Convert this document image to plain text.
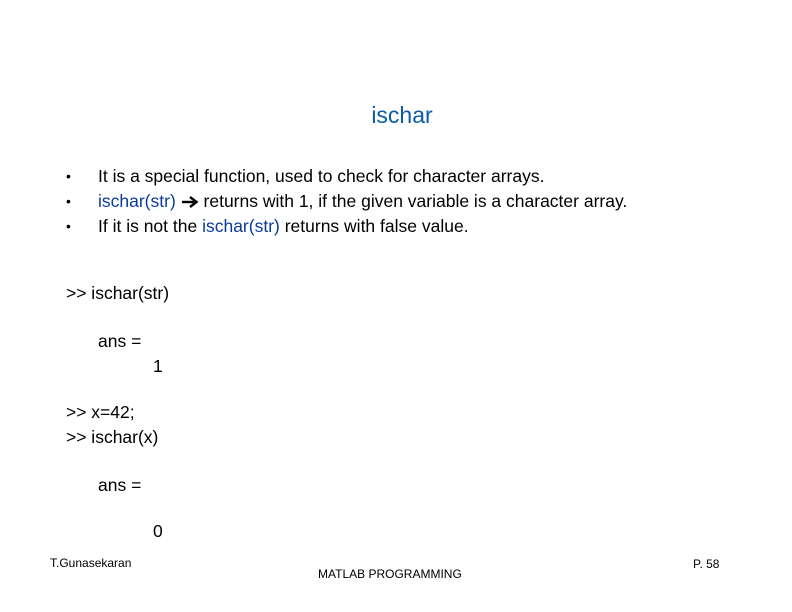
ischar
•	It is a special function, used to check for character arrays.
•	ischar(str)  returns with 1, if the given variable is a character array.
•	If it is not the ischar(str) returns with false value.
>> ischar(str)
ans =
1
>> x=42;
>> ischar(x)
ans =
0
T.Gunasekaran
MATLAB PROGRAMMING
P. 58
